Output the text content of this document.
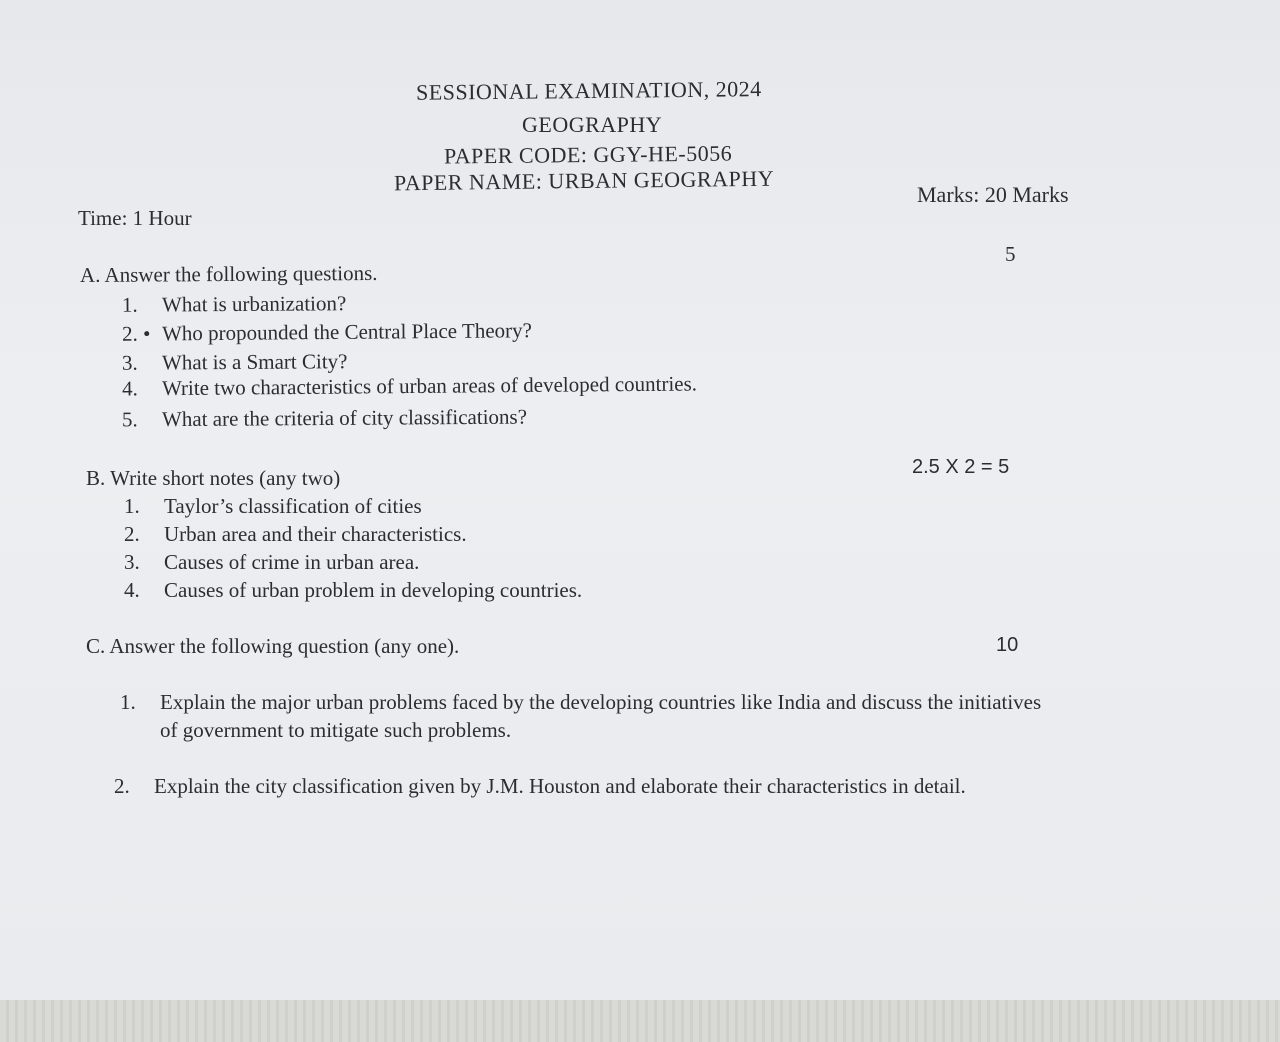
SESSIONAL EXAMINATION, 2024
GEOGRAPHY
PAPER CODE: GGY-HE-5056
PAPER NAME: URBAN GEOGRAPHY
Time: 1 Hour
Marks: 20 Marks
A. Answer the following questions.
5
1. What is urbanization?
2. • Who propounded the Central Place Theory?
3. What is a Smart City?
4. Write two characteristics of urban areas of developed countries.
5. What are the criteria of city classifications?
B. Write short notes (any two)	2.5 X 2 = 5
1. Taylor’s classification of cities
2. Urban area and their characteristics.
3. Causes of crime in urban area.
4. Causes of urban problem in developing countries.
C. Answer the following question (any one).	10
1. Explain the major urban problems faced by the developing countries like India and discuss the initiatives
of government to mitigate such problems.
2. Explain the city classification given by J.M. Houston and elaborate their characteristics in detail.
